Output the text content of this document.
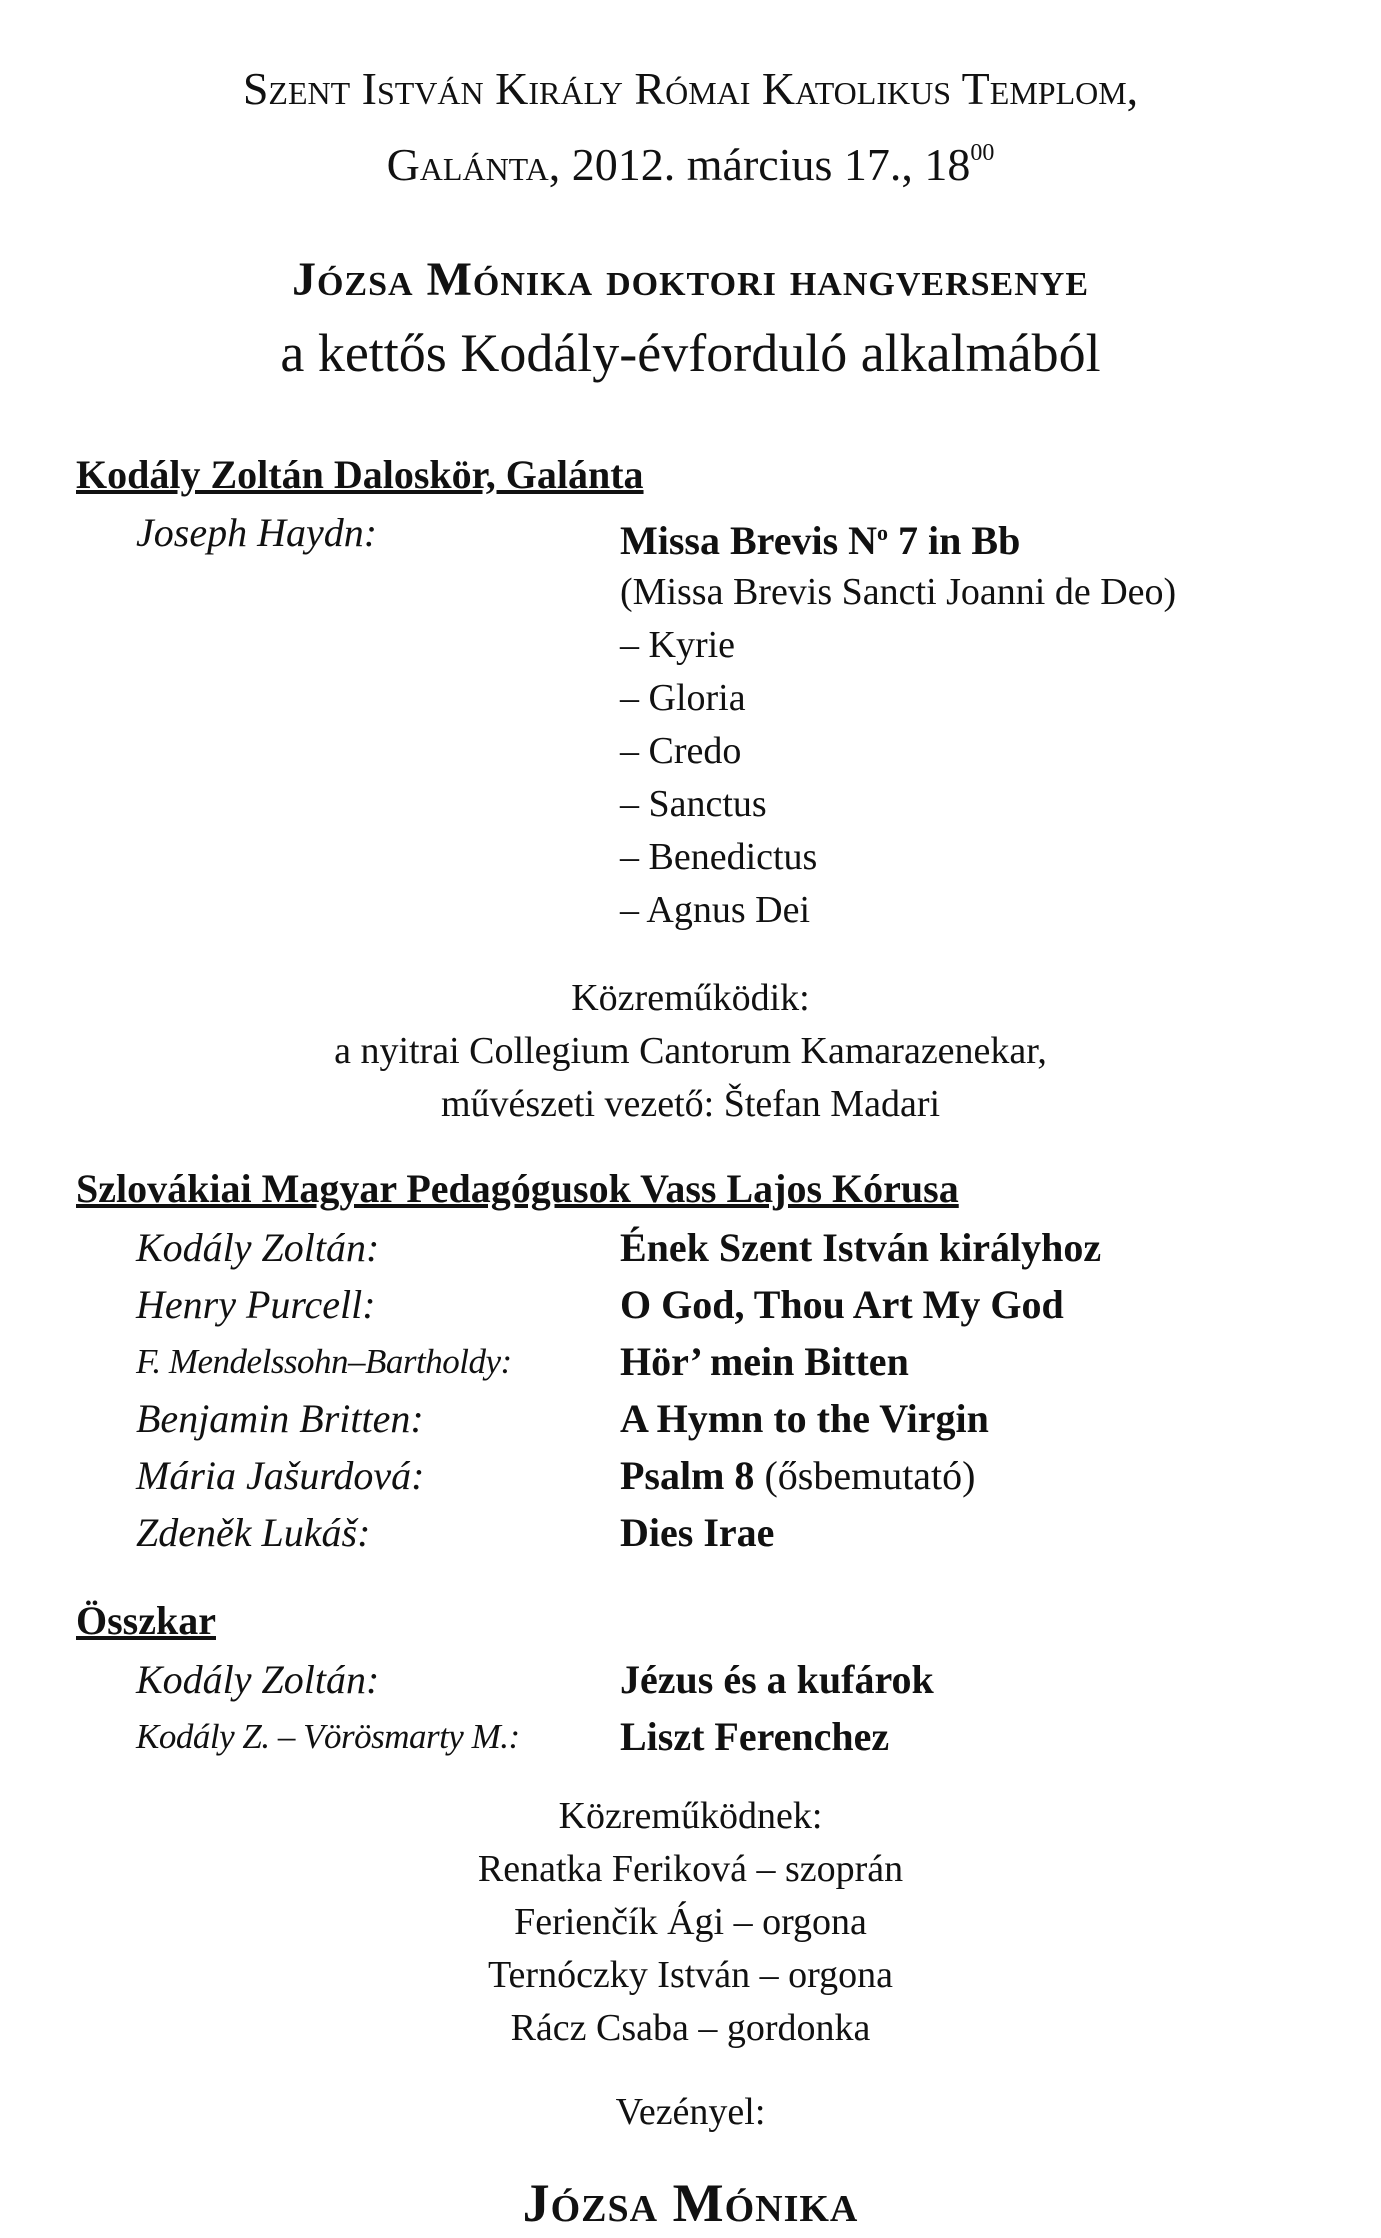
Szent István Király Római Katolikus Templom,
Galánta, 2012. március 17., $18^{00}$
Józsa Mónika doktori hangversenye
a kettős Kodály-évforduló alkalmából
Kodály Zoltán Daloskör, Galánta
Joseph Haydn:	Missa Brevis $N^o$ 7 in Bb
(Missa Brevis Sancti Joanni de Deo)
– Kyrie
– Gloria
– Credo
– Sanctus
– Benedictus
– Agnus Dei
Közreműködik:
a nyitrai Collegium Cantorum Kamarazenekar,
művészeti vezető: Štefan Madari
Szlovákiai Magyar Pedagógusok Vass Lajos Kórusa
Kodály Zoltán:	Ének Szent István királyhoz
Henry Purcell:	O God, Thou Art My God
F. Mendelssohn–Bartholdy:	Hör’ mein Bitten
Benjamin Britten:	A Hymn to the Virgin
Mária Jašurdová:	Psalm 8 (ősbemutató)
Zdeněk Lukáš:	Dies Irae
Összkar
Kodály Zoltán:	Jézus és a kufárok
Kodály Z. – Vörösmarty M.:	Liszt Ferenchez
Közreműködnek:
Renatka Feriková – szoprán
Ferienčík Ági – orgona
Ternóczky István – orgona
Rácz Csaba – gordonka
Vezényel:
Józsa Mónika
